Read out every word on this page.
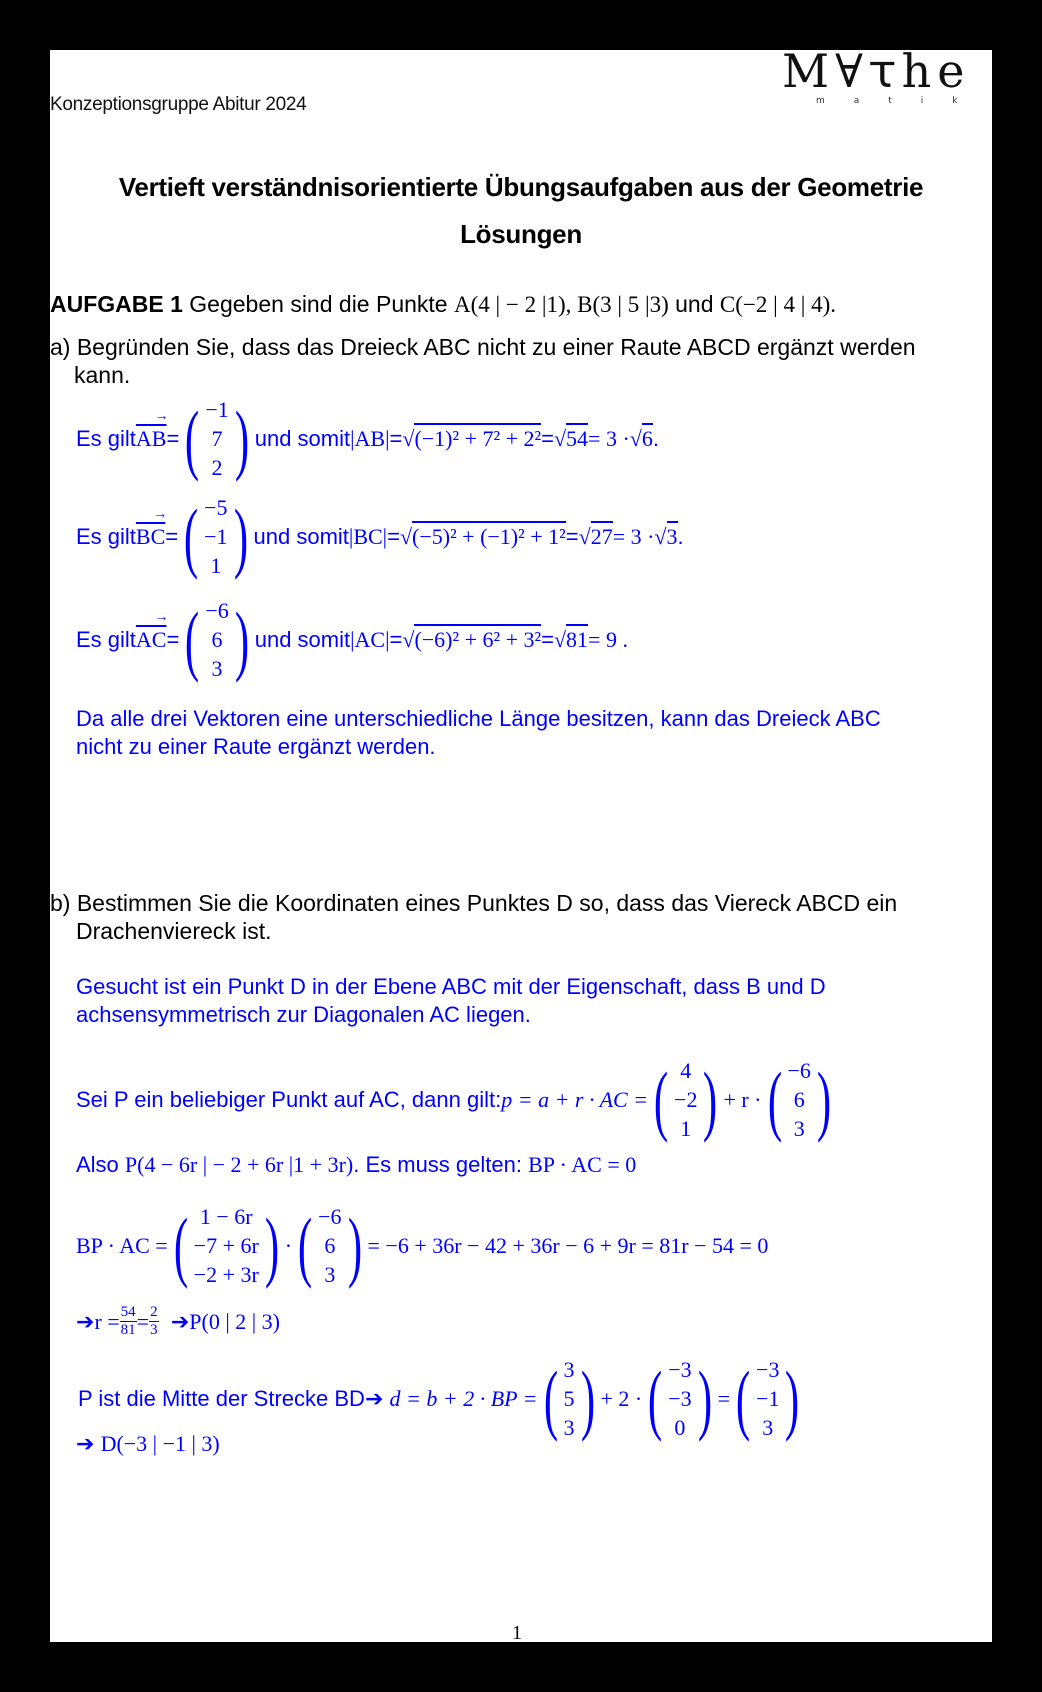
Konzeptionsgruppe Abitur 2024
M∀ꚍhe
matik
Vertieft verständnisorientierte Übungsaufgaben aus der Geometrie
Lösungen
AUFGABE 1 Gegeben sind die Punkte A(4 | − 2 |1), B(3 | 5 |3) und C(−2 | 4 | 4).
a) Begründen Sie, dass das Dreieck ABC nicht zu einer Raute ABCD ergänzt werden
kann.
Es gilt $\overline{AB}$
→
= ( −1
7
2 ) und somit |AB| = √(−1)² + 7² + 2² = √54 = 3 · √6 .
Es gilt $\overline{BC}$
→
= ( −5
−1
1 ) und somit |BC| = √(−5)² + (−1)² + 1² = √27 = 3 · √3 .
Es gilt $\overline{AC}$
→
= ( −6
6
3 ) und somit |AC| = √(−6)² + 6² + 3² = √81 = 9 .
Da alle drei Vektoren eine unterschiedliche Länge besitzen, kann das Dreieck ABC
nicht zu einer Raute ergänzt werden.
b) Bestimmen Sie die Koordinaten eines Punktes D so, dass das Viereck ABCD ein
Drachenviereck ist.
Gesucht ist ein Punkt D in der Ebene ABC mit der Eigenschaft, dass B und D
achsensymmetrisch zur Diagonalen AC liegen.
Sei P ein beliebiger Punkt auf AC, dann gilt: p = a + r · AC = ( 4
−2
1 ) + r · ( −6
6
3 )
Also P(4 − 6r | − 2 + 6r |1 + 3r). Es muss gelten: BP · AC = 0
BP · AC = ( 1 − 6r
−7 + 6r
−2 + 3r ) · ( −6
6
3 ) = −6 + 36r − 42 + 36r − 6 + 9r = 81r − 54 = 0
➔ $r = \frac{54}{81} = \frac{2}{3}$
➔ P(0 | 2 | 3)
P ist die Mitte der Strecke BD ➔
d = b + 2 · BP = ( 3
5
3 ) + 2 · ( −3
−3
0 ) = ( −3
−1
3 )
➔ D(−3 | −1 | 3)
1
